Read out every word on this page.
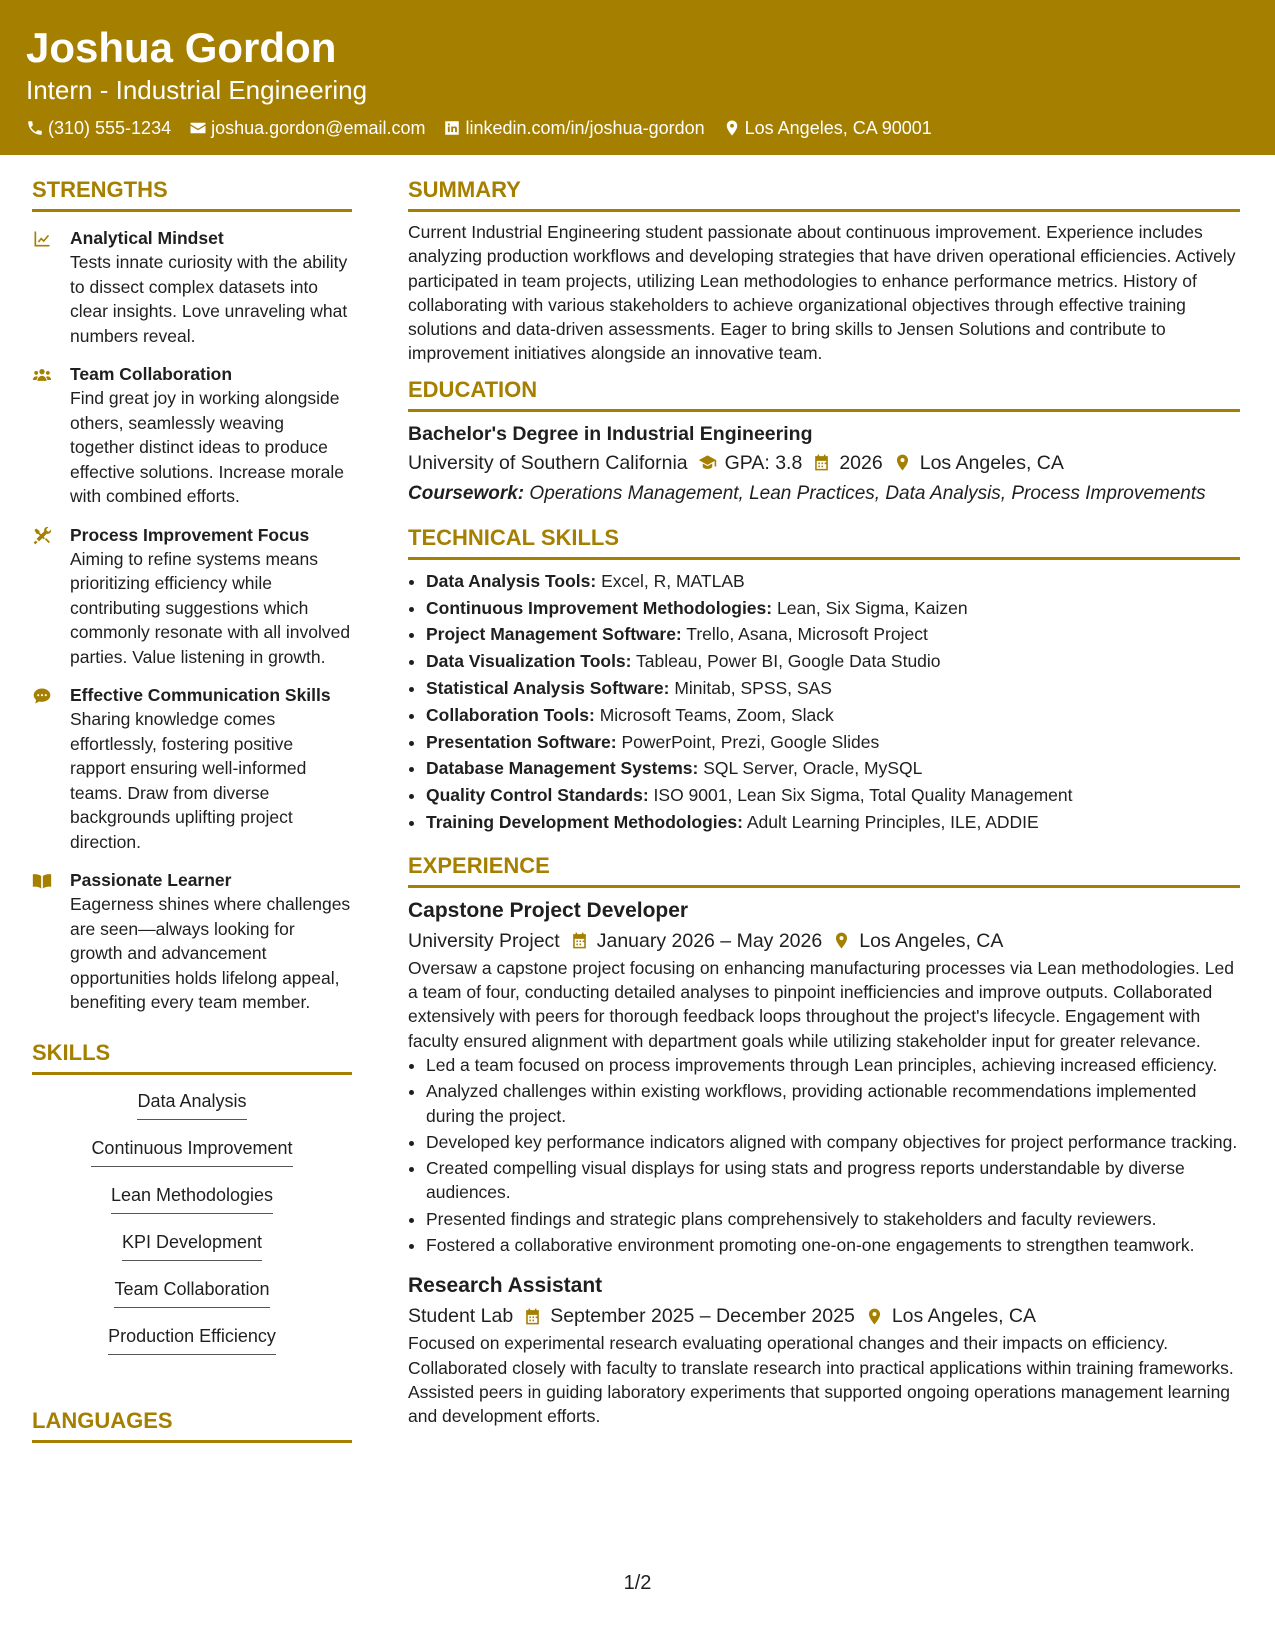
Joshua Gordon
Intern - Industrial Engineering
(310) 555-1234 joshua.gordon@email.com linkedin.com/in/joshua-gordon Los Angeles, CA 90001
STRENGTHS
Analytical Mindset
Tests innate curiosity with the ability to dissect complex datasets into clear insights. Love unraveling what numbers reveal.
Team Collaboration
Find great joy in working alongside others, seamlessly weaving together distinct ideas to produce effective solutions. Increase morale with combined efforts.
Process Improvement Focus
Aiming to refine systems means prioritizing efficiency while contributing suggestions which commonly resonate with all involved parties. Value listening in growth.
Effective Communication Skills
Sharing knowledge comes effortlessly, fostering positive rapport ensuring well-informed teams. Draw from diverse backgrounds uplifting project direction.
Passionate Learner
Eagerness shines where challenges are seen—always looking for growth and advancement opportunities holds lifelong appeal, benefiting every team member.
SKILLS
Data Analysis
Continuous Improvement
Lean Methodologies
KPI Development
Team Collaboration
Production Efficiency
LANGUAGES
SUMMARY
Current Industrial Engineering student passionate about continuous improvement. Experience includes analyzing production workflows and developing strategies that have driven operational efficiencies. Actively participated in team projects, utilizing Lean methodologies to enhance performance metrics. History of collaborating with various stakeholders to achieve organizational objectives through effective training solutions and data-driven assessments. Eager to bring skills to Jensen Solutions and contribute to improvement initiatives alongside an innovative team.
EDUCATION
Bachelor's Degree in Industrial Engineering
University of Southern California GPA: 3.8 2026 Los Angeles, CA
Coursework: Operations Management, Lean Practices, Data Analysis, Process Improvements
TECHNICAL SKILLS
• Data Analysis Tools: Excel, R, MATLAB
• Continuous Improvement Methodologies: Lean, Six Sigma, Kaizen
• Project Management Software: Trello, Asana, Microsoft Project
• Data Visualization Tools: Tableau, Power BI, Google Data Studio
• Statistical Analysis Software: Minitab, SPSS, SAS
• Collaboration Tools: Microsoft Teams, Zoom, Slack
• Presentation Software: PowerPoint, Prezi, Google Slides
• Database Management Systems: SQL Server, Oracle, MySQL
• Quality Control Standards: ISO 9001, Lean Six Sigma, Total Quality Management
• Training Development Methodologies: Adult Learning Principles, ILE, ADDIE
EXPERIENCE
Capstone Project Developer
University Project January 2026 – May 2026 Los Angeles, CA
Oversaw a capstone project focusing on enhancing manufacturing processes via Lean methodologies. Led a team of four, conducting detailed analyses to pinpoint inefficiencies and improve outputs. Collaborated extensively with peers for thorough feedback loops throughout the project's lifecycle. Engagement with faculty ensured alignment with department goals while utilizing stakeholder input for greater relevance.
• Led a team focused on process improvements through Lean principles, achieving increased efficiency.
• Analyzed challenges within existing workflows, providing actionable recommendations implemented during the project.
• Developed key performance indicators aligned with company objectives for project performance tracking.
• Created compelling visual displays for using stats and progress reports understandable by diverse audiences.
• Presented findings and strategic plans comprehensively to stakeholders and faculty reviewers.
• Fostered a collaborative environment promoting one-on-one engagements to strengthen teamwork.
Research Assistant
Student Lab September 2025 – December 2025 Los Angeles, CA
Focused on experimental research evaluating operational changes and their impacts on efficiency. Collaborated closely with faculty to translate research into practical applications within training frameworks. Assisted peers in guiding laboratory experiments that supported ongoing operations management learning and development efforts.
1/2
